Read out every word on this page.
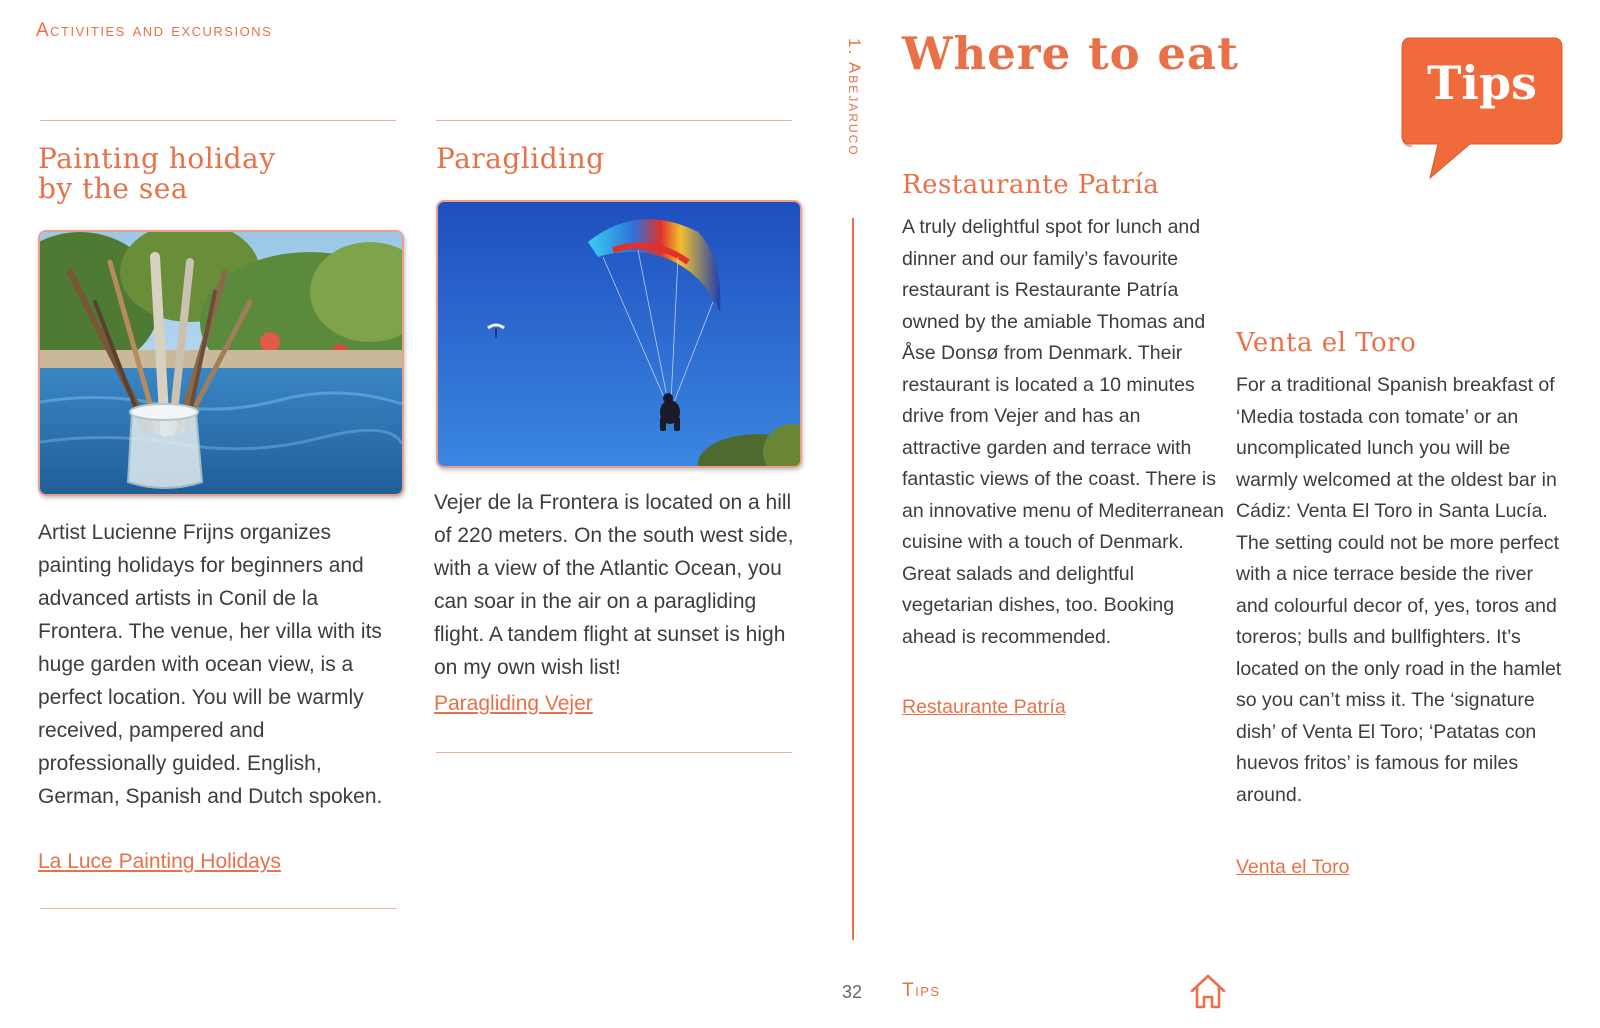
Activities and excursions
Painting holiday
by the sea

Artist Lucienne Frijns organizes painting holidays for beginners and advanced artists in Conil de la Frontera. The venue, her villa with its huge garden with ocean view, is a perfect location. You will be warmly received, pampered and professionally guided. English, German, Spanish and Dutch spoken.

La Luce Painting Holidays
Paragliding

Vejer de la Frontera is located on a hill of 220 meters. On the south west side, with a view of the Atlantic Ocean, you can soar in the air on a paragliding flight. A tandem flight at sunset is high on my own wish list!

Paragliding Vejer
1. Abejaruco
32
Where to eat
Tips
Restaurante Patría

A truly delightful spot for lunch and dinner and our family’s favourite restaurant is Restaurante Patría owned by the amiable Thomas and Åse Donsø from Denmark. Their restaurant is located a 10 minutes drive from Vejer and has an attractive garden and terrace with fantastic views of the coast. There is an innovative menu of Mediterranean cuisine with a touch of Denmark. Great salads and delightful vegetarian dishes, too. Booking ahead is recommended.

Restaurante Patría
Venta el Toro

For a traditional Spanish breakfast of ‘Media tostada con tomate’ or an uncomplicated lunch you will be warmly welcomed at the oldest bar in Cádiz: Venta El Toro in Santa Lucía. The setting could not be more perfect with a nice terrace beside the river and colourful decor of, yes, toros and toreros; bulls and bullfighters. It’s located on the only road in the hamlet so you can’t miss it. The ‘signature dish’ of Venta El Toro; ‘Patatas con huevos fritos’ is famous for miles around.

Venta el Toro
Tips
